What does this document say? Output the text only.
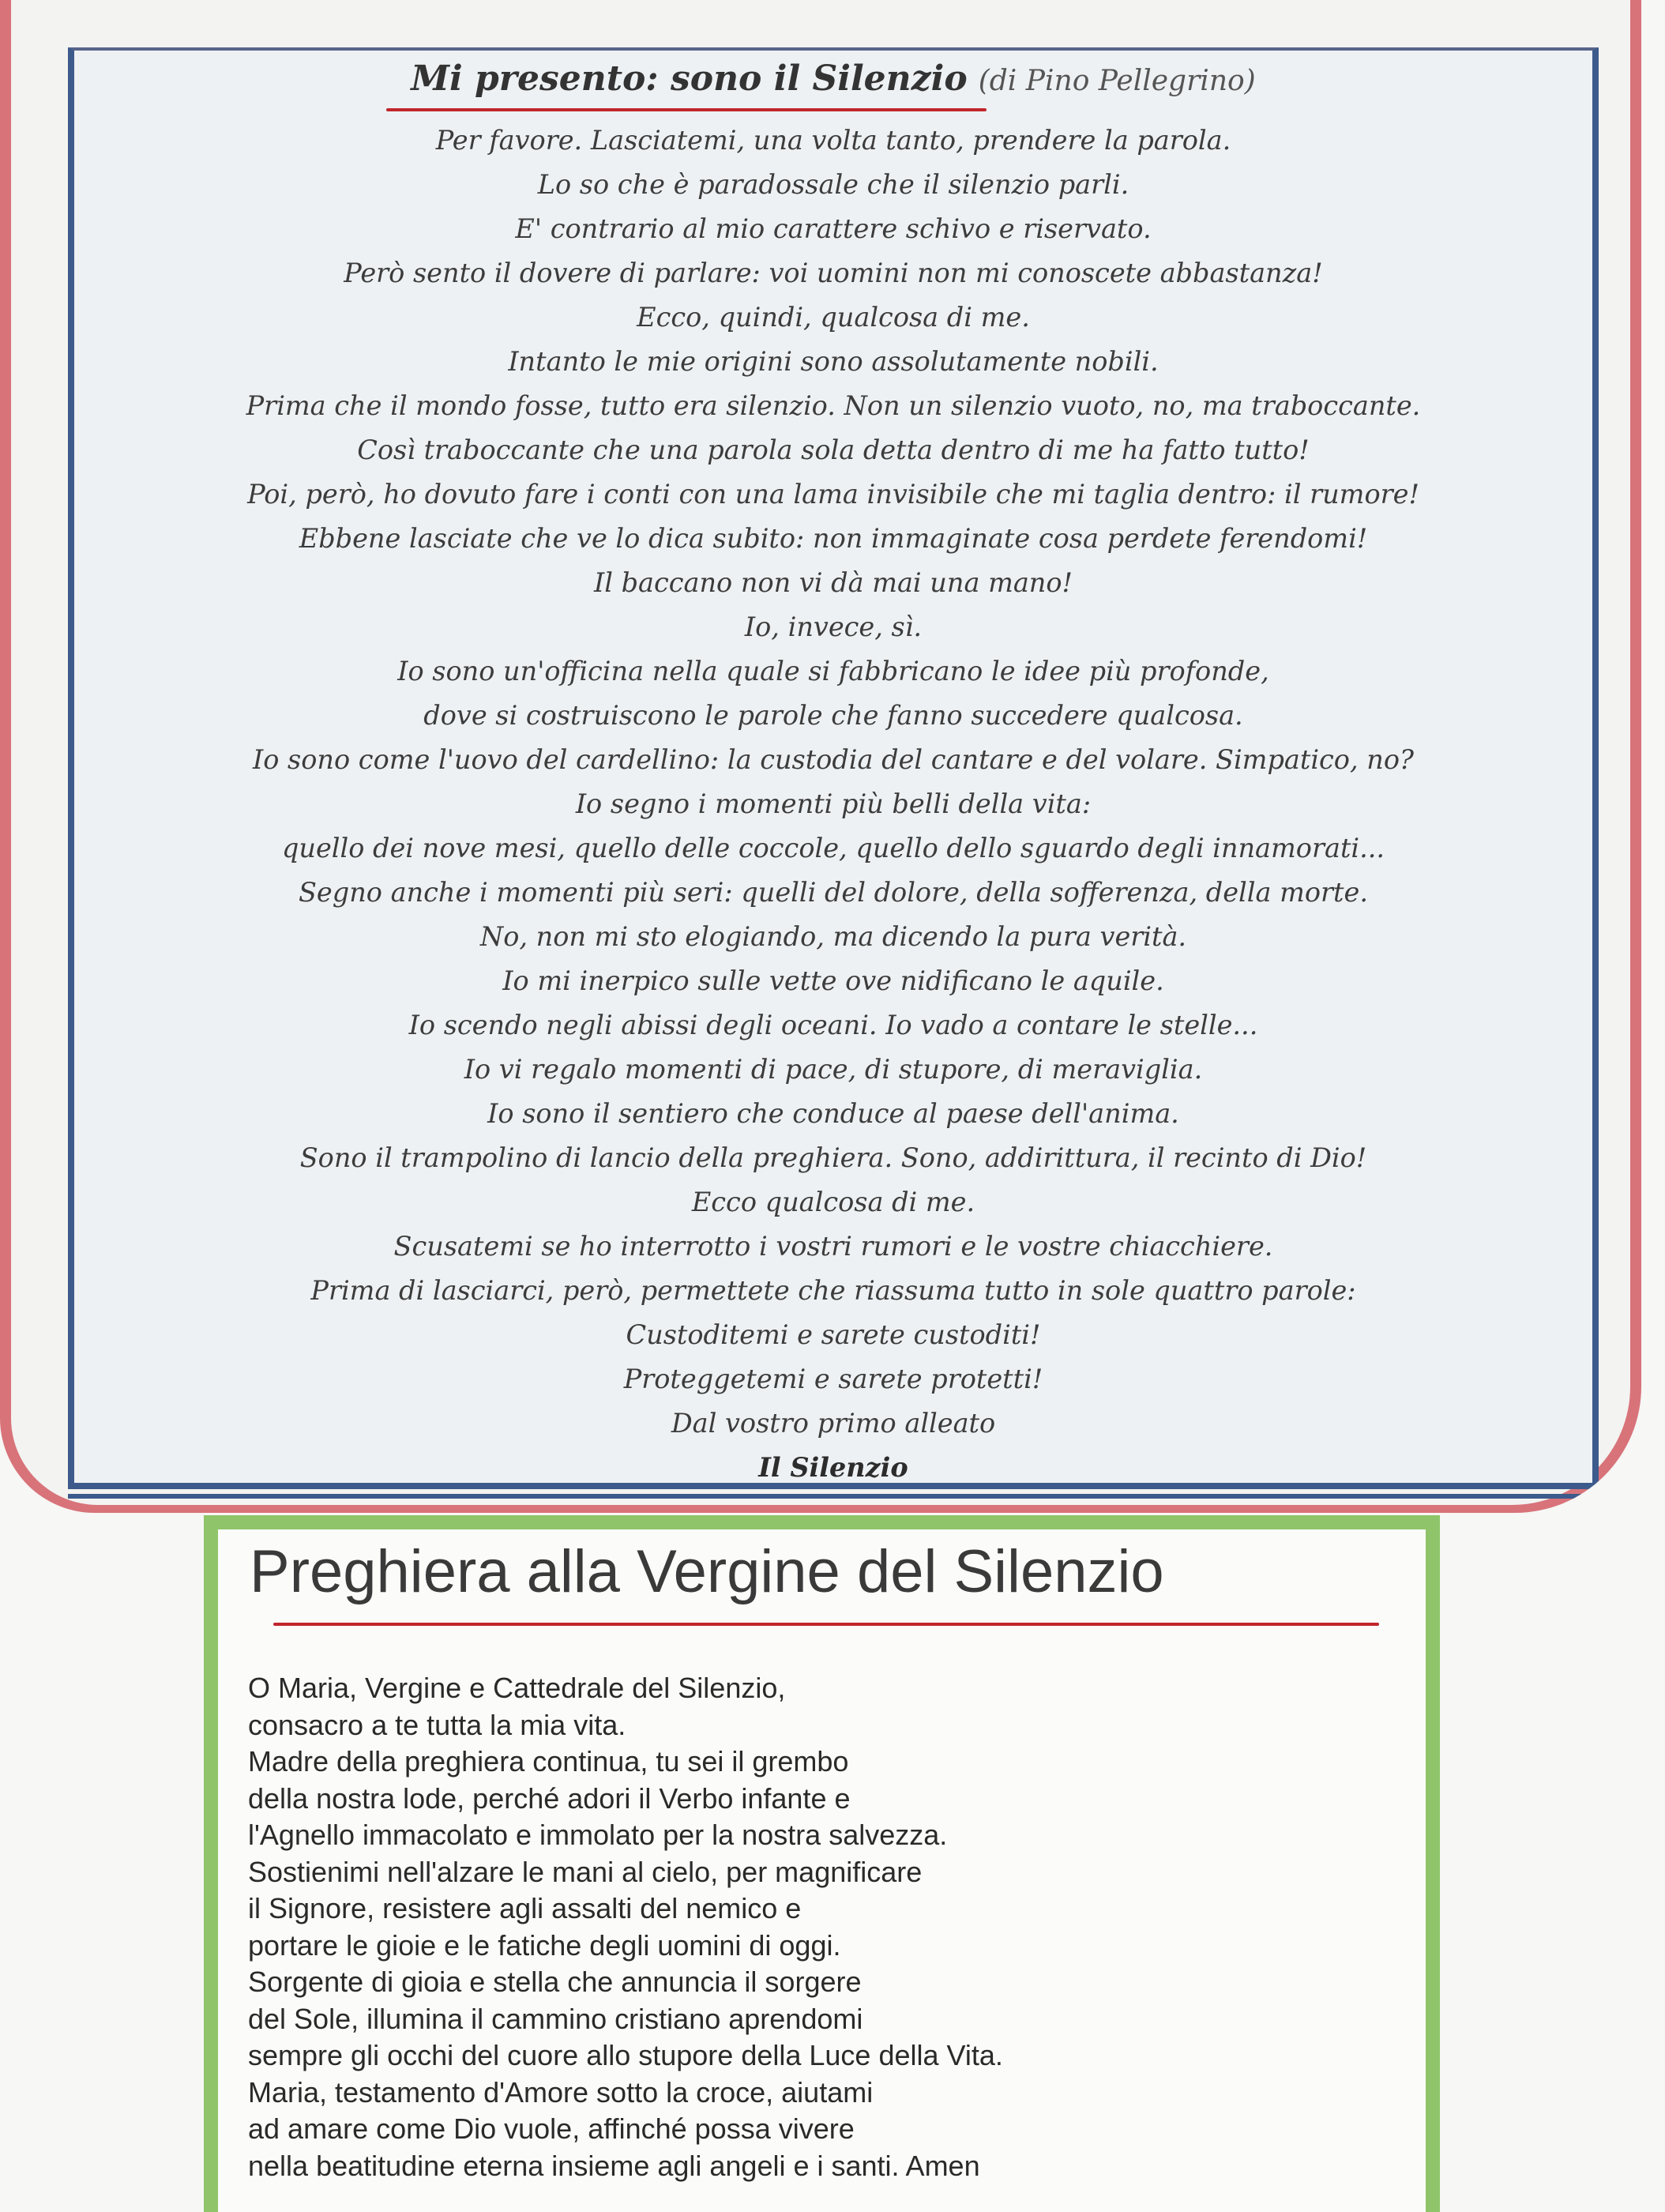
Mi presento: sono il Silenzio (di Pino Pellegrino)
Per favore. Lasciatemi, una volta tanto, prendere la parola.
Lo so che è paradossale che il silenzio parli.
E' contrario al mio carattere schivo e riservato.
Però sento il dovere di parlare: voi uomini non mi conoscete abbastanza!
Ecco, quindi, qualcosa di me.
Intanto le mie origini sono assolutamente nobili.
Prima che il mondo fosse, tutto era silenzio. Non un silenzio vuoto, no, ma traboccante.
Così traboccante che una parola sola detta dentro di me ha fatto tutto!
Poi, però, ho dovuto fare i conti con una lama invisibile che mi taglia dentro: il rumore!
Ebbene lasciate che ve lo dica subito: non immaginate cosa perdete ferendomi!
Il baccano non vi dà mai una mano!
Io, invece, sì.
Io sono un'officina nella quale si fabbricano le idee più profonde,
dove si costruiscono le parole che fanno succedere qualcosa.
Io sono come l'uovo del cardellino: la custodia del cantare e del volare. Simpatico, no?
Io segno i momenti più belli della vita:
quello dei nove mesi, quello delle coccole, quello dello sguardo degli innamorati...
Segno anche i momenti più seri: quelli del dolore, della sofferenza, della morte.
No, non mi sto elogiando, ma dicendo la pura verità.
Io mi inerpico sulle vette ove nidificano le aquile.
Io scendo negli abissi degli oceani. Io vado a contare le stelle...
Io vi regalo momenti di pace, di stupore, di meraviglia.
Io sono il sentiero che conduce al paese dell'anima.
Sono il trampolino di lancio della preghiera. Sono, addirittura, il recinto di Dio!
Ecco qualcosa di me.
Scusatemi se ho interrotto i vostri rumori e le vostre chiacchiere.
Prima di lasciarci, però, permettete che riassuma tutto in sole quattro parole:
Custoditemi e sarete custoditi!
Proteggetemi e sarete protetti!
Dal vostro primo alleato
Il Silenzio
Preghiera alla Vergine del Silenzio
O Maria, Vergine e Cattedrale del Silenzio,
consacro a te tutta la mia vita.
Madre della preghiera continua, tu sei il grembo
della nostra lode, perché adori il Verbo infante e
l'Agnello immacolato e immolato per la nostra salvezza.
Sostienimi nell'alzare le mani al cielo, per magnificare
il Signore, resistere agli assalti del nemico e
portare le gioie e le fatiche degli uomini di oggi.
Sorgente di gioia e stella che annuncia il sorgere
del Sole, illumina il cammino cristiano aprendomi
sempre gli occhi del cuore allo stupore della Luce della Vita.
Maria, testamento d'Amore sotto la croce, aiutami
ad amare come Dio vuole, affinché possa vivere
nella beatitudine eterna insieme agli angeli e i santi. Amen
